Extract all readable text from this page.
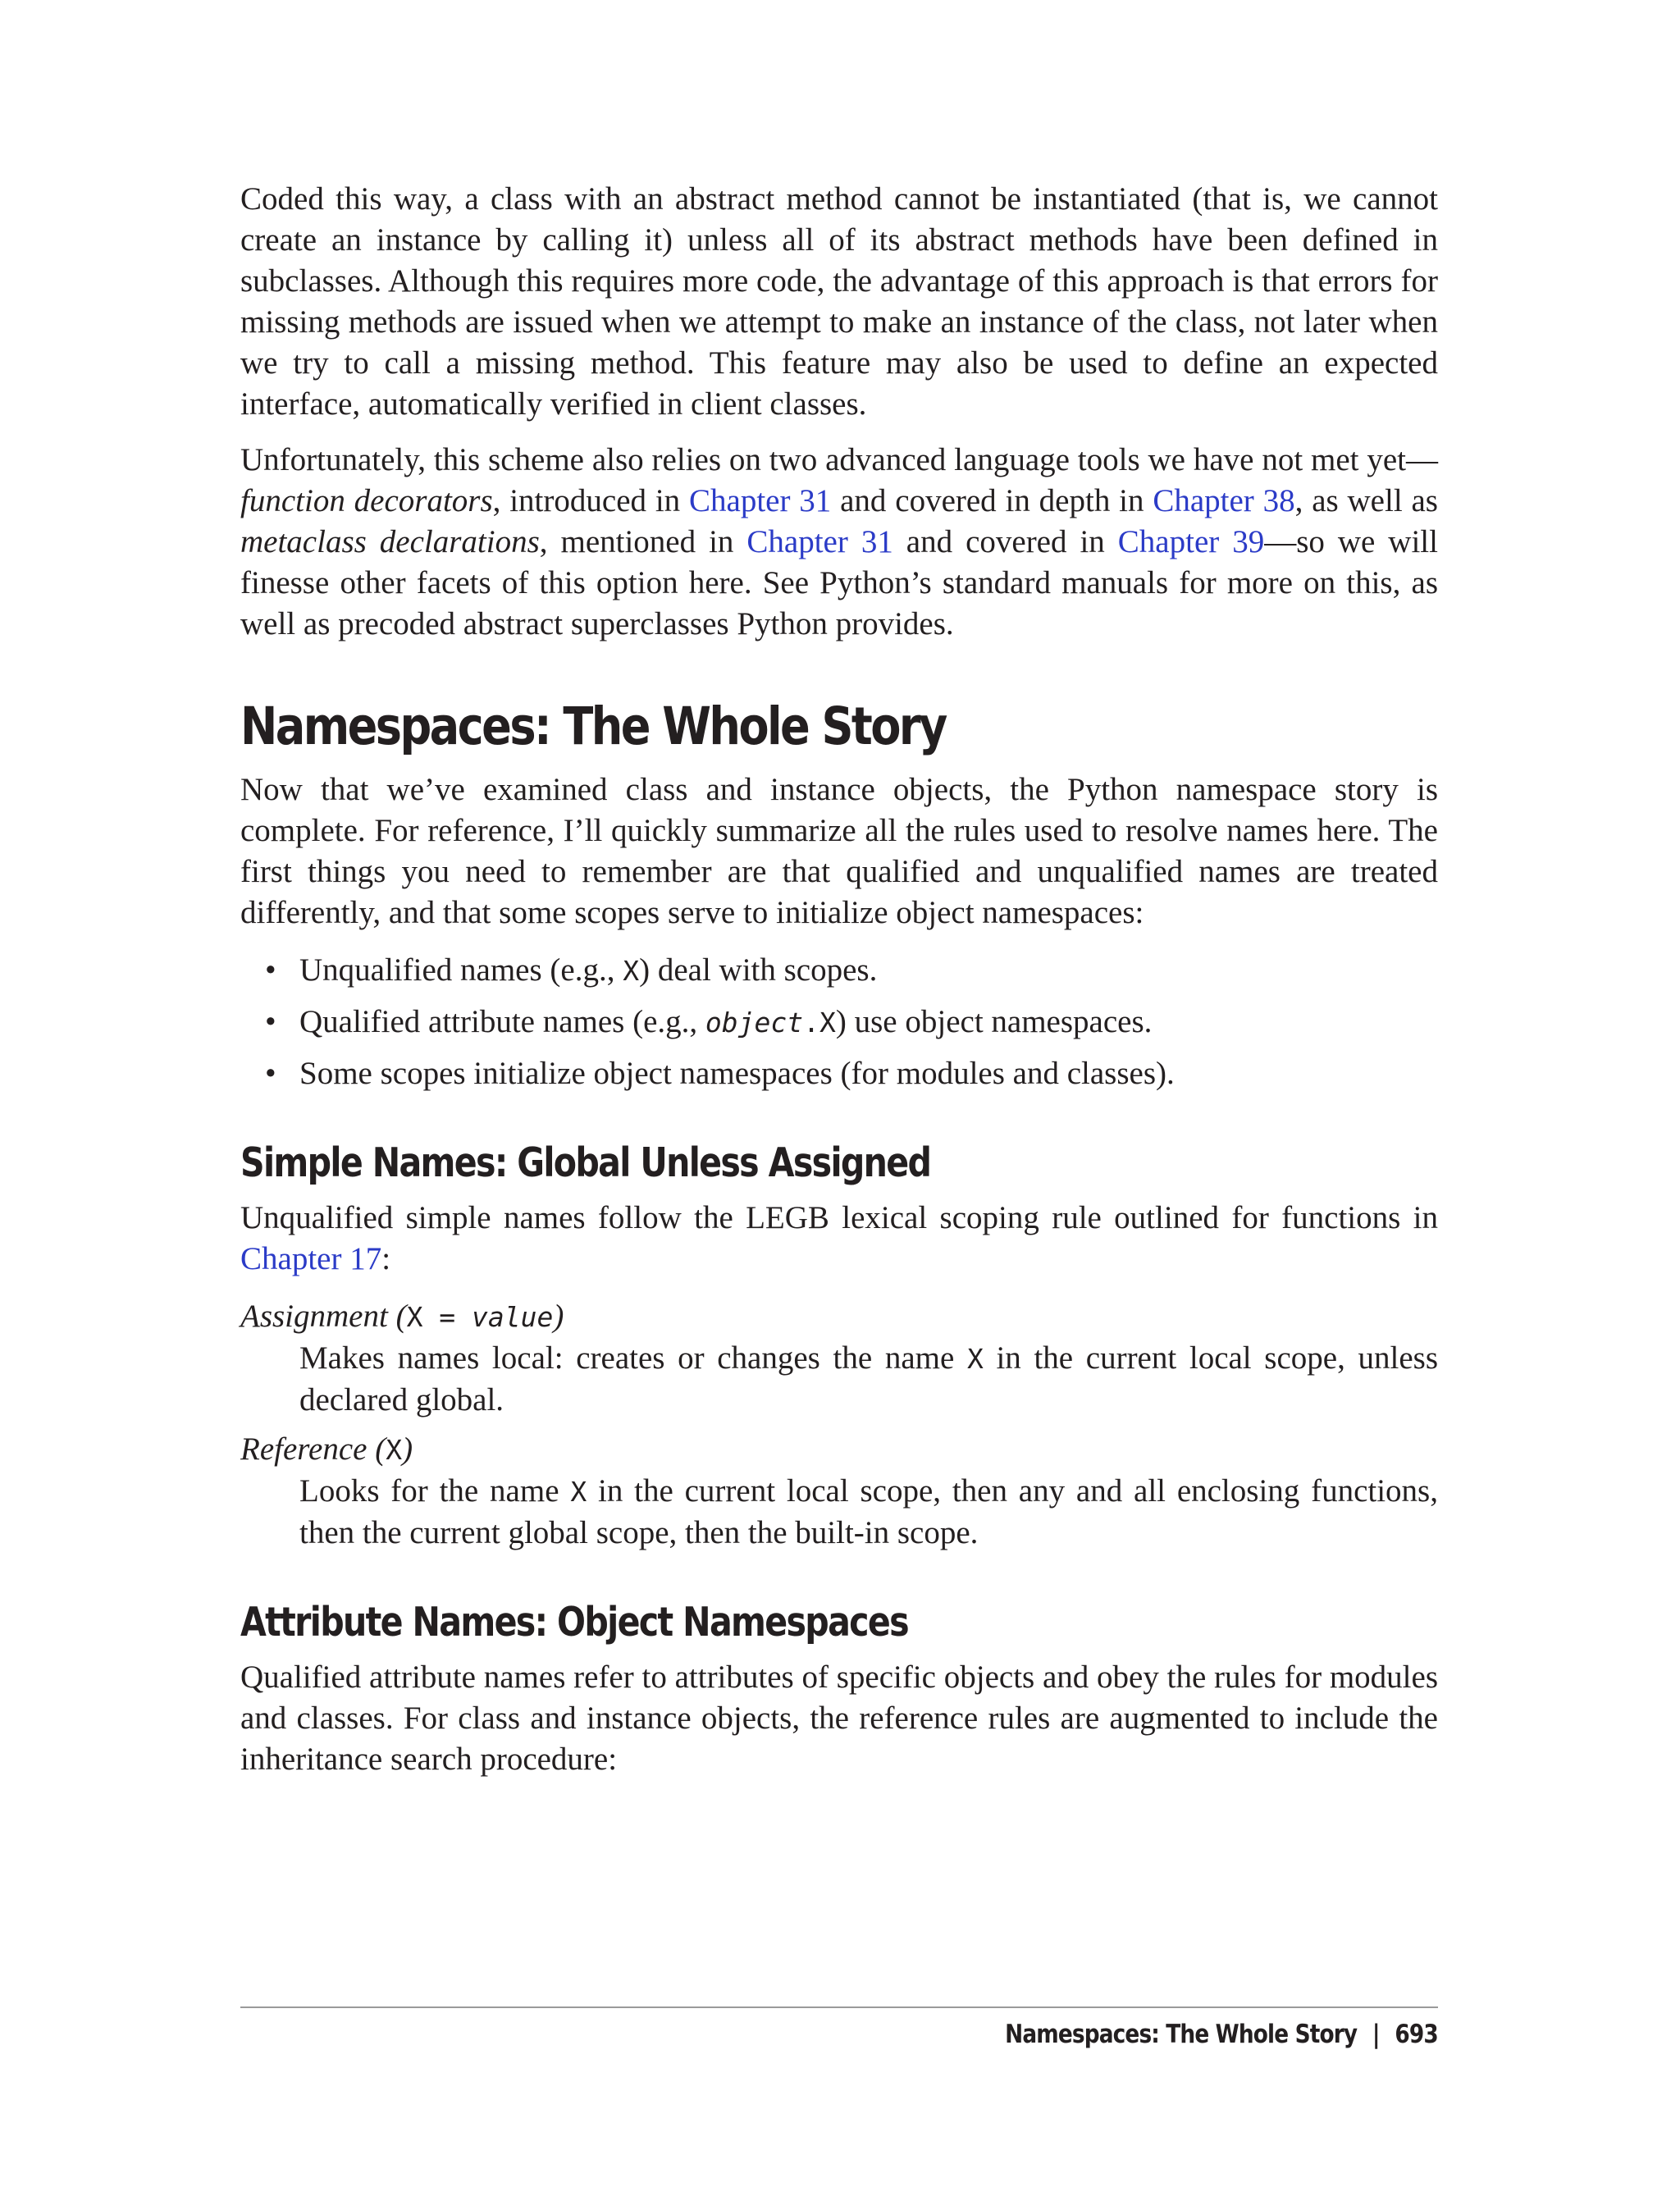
Coded this way, a class with an abstract method cannot be instantiated (that is, we cannot create an instance by calling it) unless all of its abstract methods have been defined in subclasses. Although this requires more code, the advantage of this approach is that errors for missing methods are issued when we attempt to make an instance of the class, not later when we try to call a missing method. This feature may also be used to define an expected interface, automatically verified in client classes.

Unfortunately, this scheme also relies on two advanced language tools we have not met yet—function decorators, introduced in Chapter 31 and covered in depth in Chapter 38, as well as metaclass declarations, mentioned in Chapter 31 and covered in Chapter 39—so we will finesse other facets of this option here. See Python’s standard manuals for more on this, as well as precoded abstract superclasses Python provides.

Namespaces: The Whole Story

Now that we’ve examined class and instance objects, the Python namespace story is complete. For reference, I’ll quickly summarize all the rules used to resolve names here. The first things you need to remember are that qualified and unqualified names are treated differently, and that some scopes serve to initialize object namespaces:

• Unqualified names (e.g., X) deal with scopes.
• Qualified attribute names (e.g., object.X) use object namespaces.
• Some scopes initialize object namespaces (for modules and classes).
Simple Names: Global Unless Assigned

Unqualified simple names follow the LEGB lexical scoping rule outlined for functions in Chapter 17:

Assignment (X = value)
Makes names local: creates or changes the name X in the current local scope, unless declared global.
Reference (X)
Looks for the name X in the current local scope, then any and all enclosing functions, then the current global scope, then the built-in scope.
Attribute Names: Object Namespaces

Qualified attribute names refer to attributes of specific objects and obey the rules for modules and classes. For class and instance objects, the reference rules are augmented to include the inheritance search procedure:

Namespaces: The Whole Story | 693
